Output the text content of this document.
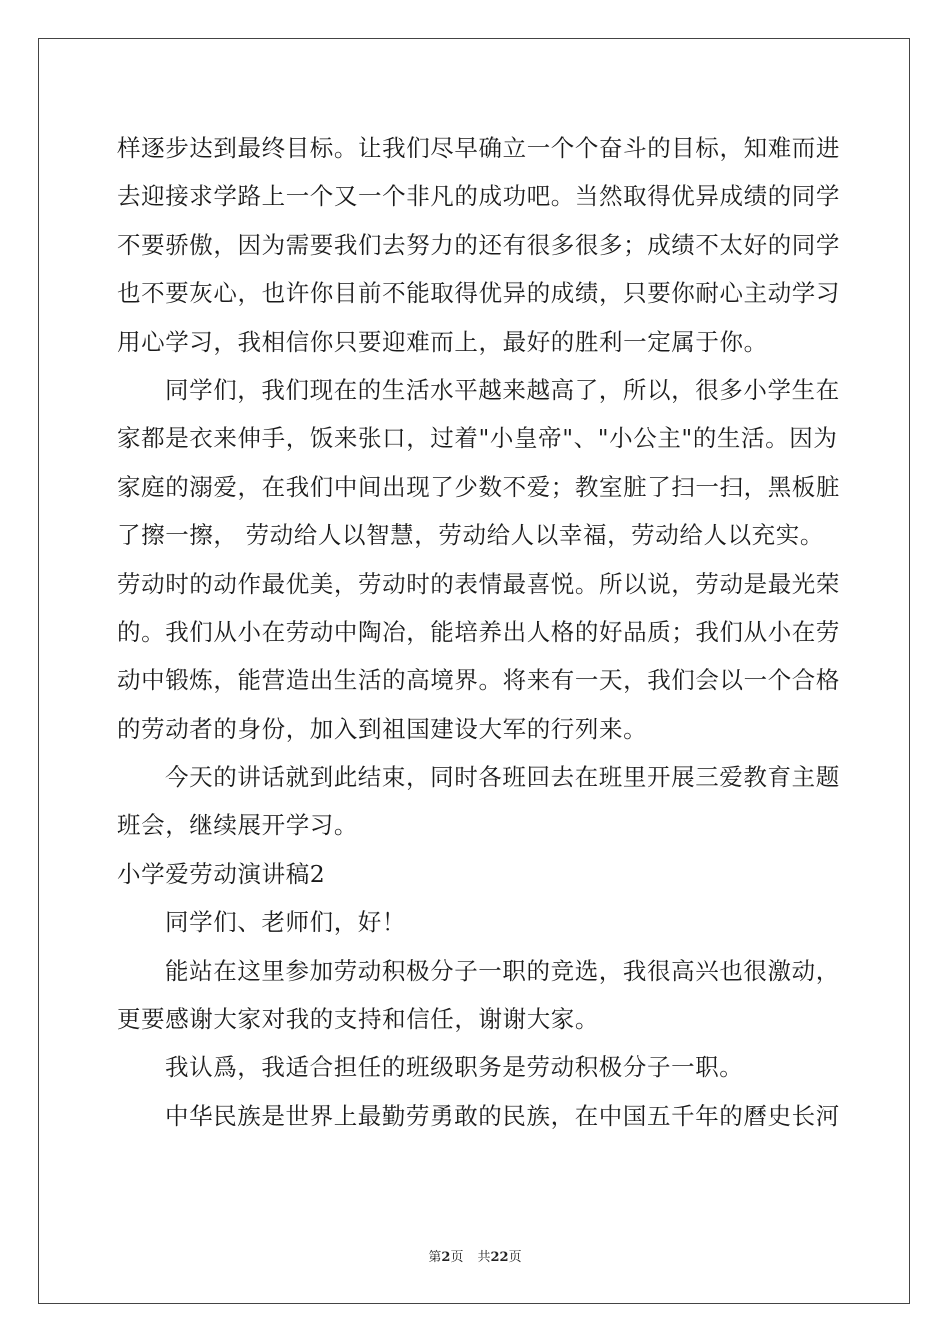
样逐步达到最终目标。让我们尽早确立一个个奋斗的目标，知难而进
去迎接求学路上一个又一个非凡的成功吧。当然取得优异成绩的同学
不要骄傲，因为需要我们去努力的还有很多很多；成绩不太好的同学
也不要灰心，也许你目前不能取得优异的成绩，只要你耐心主动学习
用心学习，我相信你只要迎难而上，最好的胜利一定属于你。
同学们，我们现在的生活水平越来越高了，所以，很多小学生在
家都是衣来伸手，饭来张口，过着"小皇帝"、"小公主"的生活。因为
家庭的溺爱，在我们中间出现了少数不爱；教室脏了扫一扫，黑板脏
了擦一擦， 劳动给人以智慧，劳动给人以幸福，劳动给人以充实。
劳动时的动作最优美，劳动时的表情最喜悦。所以说，劳动是最光荣
的。我们从小在劳动中陶冶，能培养出人格的好品质；我们从小在劳
动中锻炼，能营造出生活的高境界。将来有一天，我们会以一个合格
的劳动者的身份，加入到祖国建设大军的行列来。
今天的讲话就到此结束，同时各班回去在班里开展三爱教育主题
班会，继续展开学习。
小学爱劳动演讲稿2
同学们、老师们，好！
能站在这里参加劳动积极分子一职的竞选，我很高兴也很激动，
更要感谢大家对我的支持和信任，谢谢大家。
我认爲，我适合担任的班级职务是劳动积极分子一职。
中华民族是世界上最勤劳勇敢的民族，在中国五千年的曆史长河
第2页 共22页
